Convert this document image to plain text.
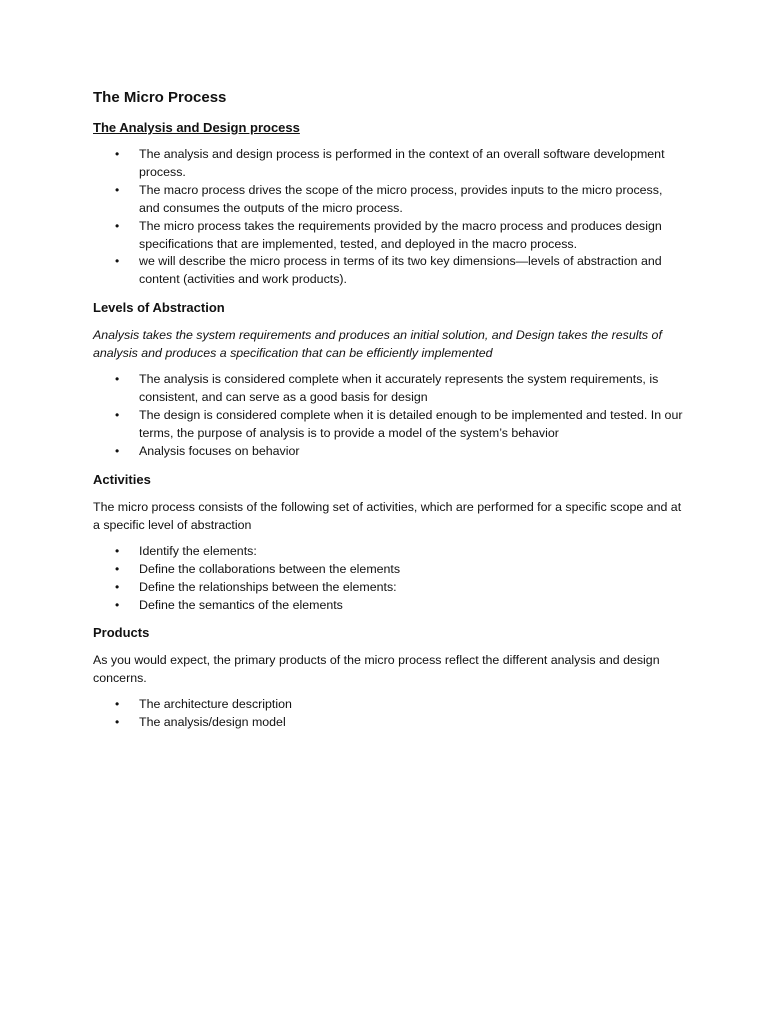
The Micro Process
The Analysis and Design process
• The analysis and design process is performed in the context of an overall software development process.
• The macro process drives the scope of the micro process, provides inputs to the micro process, and consumes the outputs of the micro process.
• The micro process takes the requirements provided by the macro process and produces design specifications that are implemented, tested, and deployed in the macro process.
• we will describe the micro process in terms of its two key dimensions—levels of abstraction and content (activities and work products).
Levels of Abstraction

Analysis takes the system requirements and produces an initial solution, and Design takes the results of analysis and produces a specification that can be efficiently implemented

• The analysis is considered complete when it accurately represents the system requirements, is consistent, and can serve as a good basis for design
• The design is considered complete when it is detailed enough to be implemented and tested. In our terms, the purpose of analysis is to provide a model of the system’s behavior
• Analysis focuses on behavior
Activities

The micro process consists of the following set of activities, which are performed for a specific scope and at a specific level of abstraction

• Identify the elements:
• Define the collaborations between the elements
• Define the relationships between the elements:
• Define the semantics of the elements
Products

As you would expect, the primary products of the micro process reflect the different analysis and design concerns.

• The architecture description
• The analysis/design model
